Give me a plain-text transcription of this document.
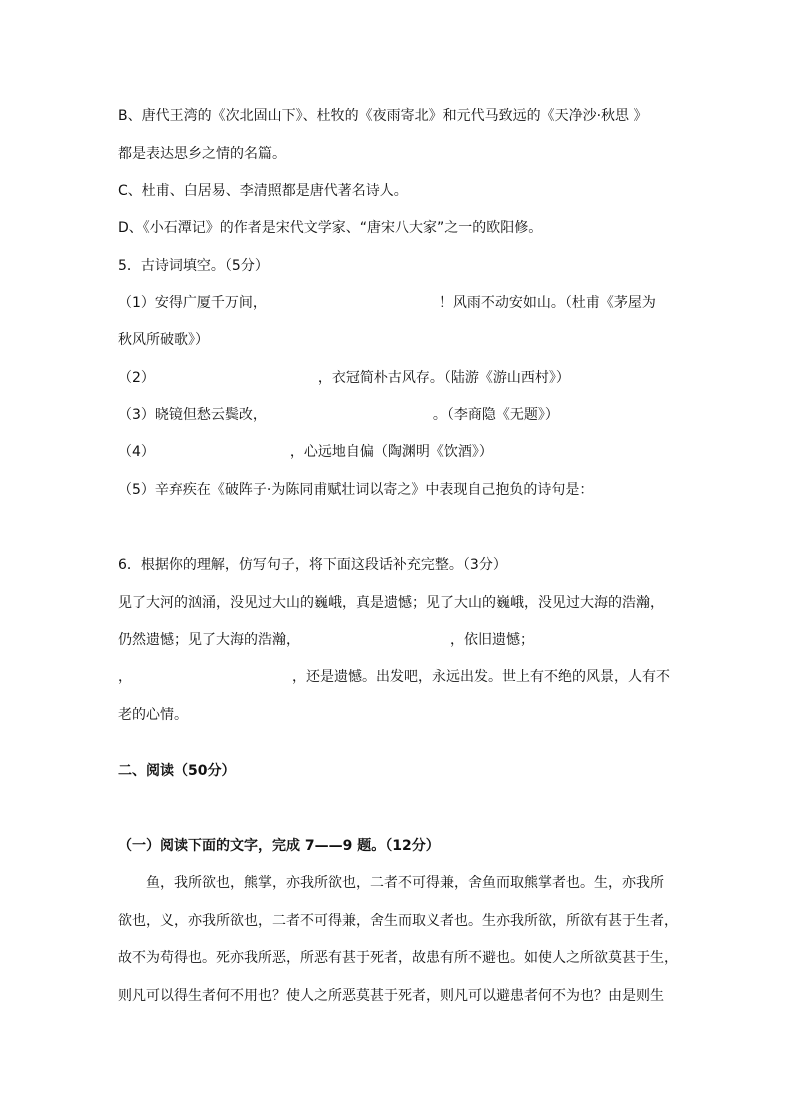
B、唐代王湾的《次北固山下》、杜牧的《夜雨寄北》和元代马致远的《天净沙·秋思 》
都是表达思乡之情的名篇。
C、杜甫、白居易、李清照都是唐代著名诗人。
D、《小石潭记》的作者是宋代文学家、“唐宋八大家”之一的欧阳修。
5．古诗词填空。（5分）
（1）安得广厦千万间，	！风雨不动安如山。（杜甫《茅屋为
秋风所破歌》）
（2）	，衣冠简朴古风存。（陆游《游山西村》）
（3）晓镜但愁云鬓改，	。（李商隐《无题》）
（4）	，心远地自偏（陶渊明《饮酒》）
（5）辛弃疾在《破阵子·为陈同甫赋壮词以寄之》中表现自己抱负的诗句是：
6．根据你的理解，仿写句子，将下面这段话补充完整。（3分）
见了大河的汹涌，没见过大山的巍峨，真是遗憾；见了大山的巍峨，没见过大海的浩瀚，
仍然遗憾；见了大海的浩瀚，	，依旧遗憾；
，	，还是遗憾。出发吧，永远出发。世上有不绝的风景，人有不
老的心情。
二、阅读（50分）
（一）阅读下面的文字，完成 7——9 题。（12分）
鱼，我所欲也，熊掌，亦我所欲也，二者不可得兼，舍鱼而取熊掌者也。生，亦我所
欲也，义，亦我所欲也，二者不可得兼，舍生而取义者也。生亦我所欲，所欲有甚于生者，
故不为苟得也。死亦我所恶，所恶有甚于死者，故患有所不避也。如使人之所欲莫甚于生，
则凡可以得生者何不用也？使人之所恶莫甚于死者，则凡可以避患者何不为也？由是则生
